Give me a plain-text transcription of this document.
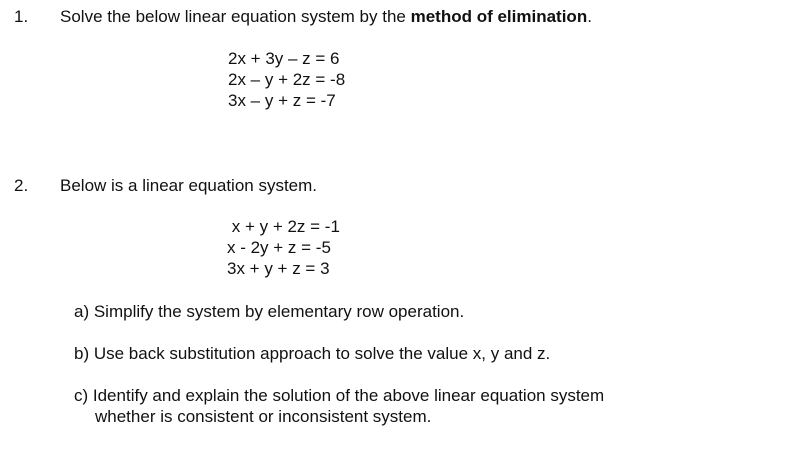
1. Solve the below linear equation system by the method of elimination.
2x + 3y – z = 6
2x – y + 2z = -8
3x – y + z = -7
2. Below is a linear equation system.
x + y + 2z = -1
x - 2y + z = -5
3x + y + z = 3
a) Simplify the system by elementary row operation.
b) Use back substitution approach to solve the value x, y and z.
c) Identify and explain the solution of the above linear equation system
whether is consistent or inconsistent system.
